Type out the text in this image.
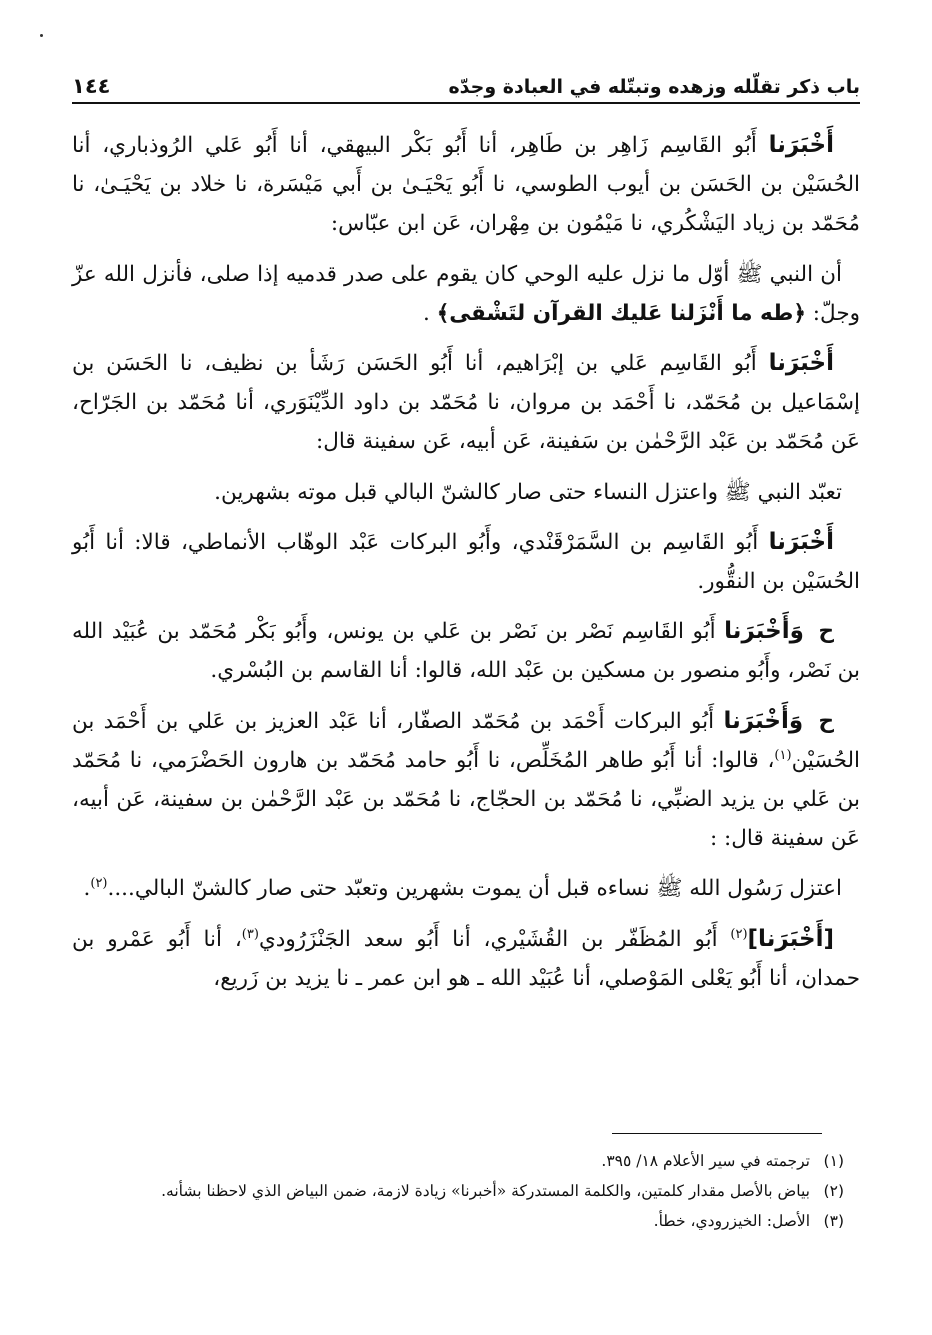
باب ذكر تقلّله وزهده وتبتّله في العبادة وجدّه
١٤٤

أَخْبَرَنا أَبُو القَاسِم زَاهِر بن طَاهِر، أنا أَبُو بَكْر البيهقي، أنا أَبُو عَلي الرُوذباري، أنا الحُسَيْن بن الحَسَن بن أيوب الطوسي، نا أَبُو يَحْيَـىٰ بن أَبي مَيْسَرة، نا خلاد بن يَحْيَـىٰ، نا مُحَمّد بن زياد اليَشْكُري، نا مَيْمُون بن مِهْران، عَن ابن عبّاس:

أن النبي ﷺ أوّل ما نزل عليه الوحي كان يقوم على صدر قدميه إذا صلى، فأنزل الله عزّ وجلّ: ﴿طه ما أَنْزَلنا عَليك القرآن لتَشْقى﴾ .

أَخْبَرَنا أَبُو القَاسِم عَلي بن إبْرَاهيم، أنا أَبُو الحَسَن رَشَأ بن نظيف، نا الحَسَن بن إسْمَاعيل بن مُحَمّد، نا أَحْمَد بن مروان، نا مُحَمّد بن داود الدِّيْنَوَري، أنا مُحَمّد بن الجَرّاح، عَن مُحَمّد بن عَبْد الرَّحْمٰن بن سَفينة، عَن أبيه، عَن سفينة قال:

تعبّد النبي ﷺ واعتزل النساء حتى صار كالشنّ البالي قبل موته بشهرين.

أَخْبَرَنا أَبُو القَاسِم بن السَّمَرْقَنْدي، وأَبُو البركات عَبْد الوهّاب الأنماطي، قالا: أنا أَبُو الحُسَيْن بن النقُّور.

ح وَأَخْبَرَنا أَبُو القَاسِم نَصْر بن نَصْر بن عَلي بن يونس، وأَبُو بَكْر مُحَمّد بن عُبَيْد الله بن نَصْر، وأَبُو منصور بن مسكين بن عَبْد الله، قالوا: أنا القاسم بن البُسْري.

ح وَأَخْبَرَنا أَبُو البركات أَحْمَد بن مُحَمّد الصفّار، أنا عَبْد العزيز بن عَلي بن أَحْمَد بن الحُسَيْن$^{(١)}$، قالوا: أنا أَبُو طاهر المُخَلِّص، نا أَبُو حامد مُحَمّد بن هارون الحَضْرَمي، نا مُحَمّد بن عَلي بن يزيد الضبِّي، نا مُحَمّد بن الحجّاج، نا مُحَمّد بن عَبْد الرَّحْمٰن بن سفينة، عَن أبيه، عَن سفينة قال: :

اعتزل رَسُول الله ﷺ نساءه قبل أن يموت بشهرين وتعبّد حتى صار كالشنّ البالي....$^{(٢)}$.

[أَخْبَرَنا]$^{(٢)}$ أَبُو المُظَفّر بن القُشَيْري، أنا أَبُو سعد الجَنْزَرُودي$^{(٣)}$، أنا أَبُو عَمْرو بن حمدان، أنا أَبُو يَعْلى المَوْصلي، أنا عُبَيْد الله ـ هو ابن عمر ـ نا يزيد بن زَريع،

(١)
ترجمته في سير الأعلام ١٨/ ٣٩٥.
(٢)
بياض بالأصل مقدار كلمتين، والكلمة المستدركة «أخبرنا» زيادة لازمة، ضمن البياض الذي لاحظنا بشأنه.
(٣)
الأصل: الخيزرودي، خطأ.
